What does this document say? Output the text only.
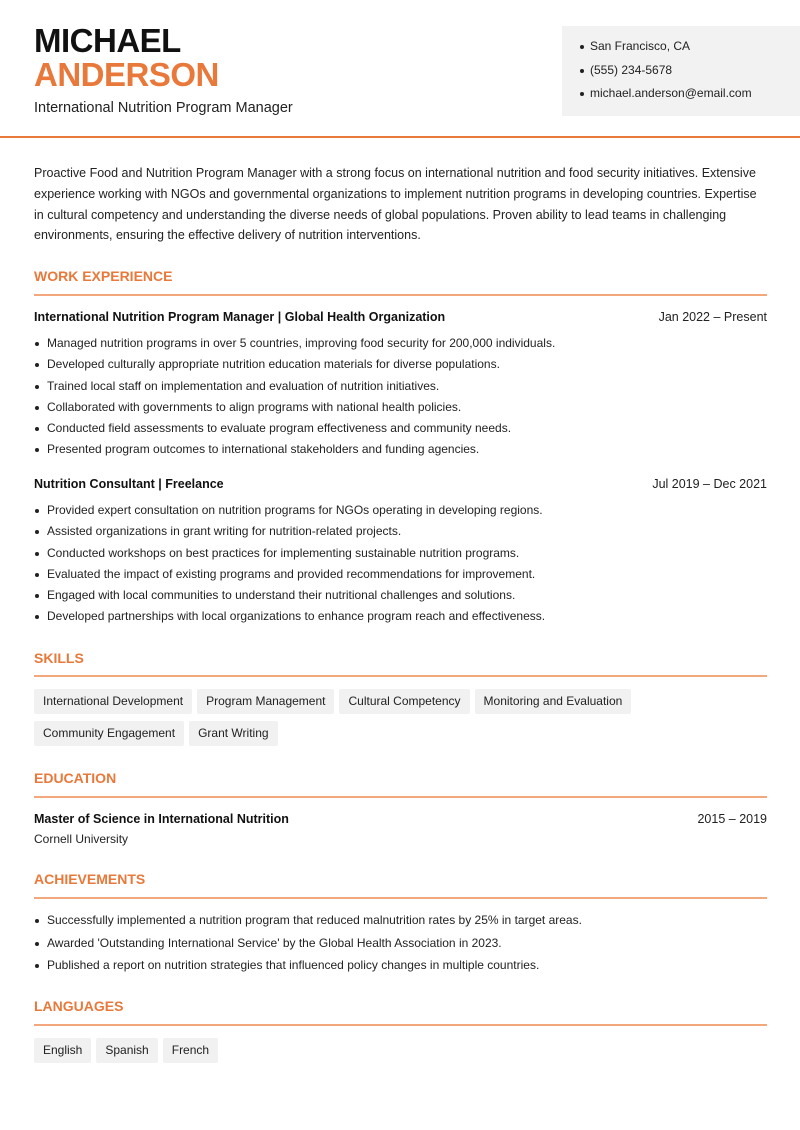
MICHAEL
ANDERSON
International Nutrition Program Manager
San Francisco, CA
(555) 234-5678
michael.anderson@email.com
Proactive Food and Nutrition Program Manager with a strong focus on international nutrition and food security initiatives. Extensive experience working with NGOs and governmental organizations to implement nutrition programs in developing countries. Expertise in cultural competency and understanding the diverse needs of global populations. Proven ability to lead teams in challenging environments, ensuring the effective delivery of nutrition interventions.
WORK EXPERIENCE
International Nutrition Program Manager | Global Health Organization	Jan 2022 – Present
Managed nutrition programs in over 5 countries, improving food security for 200,000 individuals.
Developed culturally appropriate nutrition education materials for diverse populations.
Trained local staff on implementation and evaluation of nutrition initiatives.
Collaborated with governments to align programs with national health policies.
Conducted field assessments to evaluate program effectiveness and community needs.
Presented program outcomes to international stakeholders and funding agencies.
Nutrition Consultant | Freelance	Jul 2019 – Dec 2021
Provided expert consultation on nutrition programs for NGOs operating in developing regions.
Assisted organizations in grant writing for nutrition-related projects.
Conducted workshops on best practices for implementing sustainable nutrition programs.
Evaluated the impact of existing programs and provided recommendations for improvement.
Engaged with local communities to understand their nutritional challenges and solutions.
Developed partnerships with local organizations to enhance program reach and effectiveness.
SKILLS
International Development Program Management Cultural Competency Monitoring and Evaluation
Community Engagement Grant Writing
EDUCATION
Master of Science in International Nutrition	2015 – 2019
Cornell University
ACHIEVEMENTS
Successfully implemented a nutrition program that reduced malnutrition rates by 25% in target areas.
Awarded 'Outstanding International Service' by the Global Health Association in 2023.
Published a report on nutrition strategies that influenced policy changes in multiple countries.
LANGUAGES
English Spanish French
